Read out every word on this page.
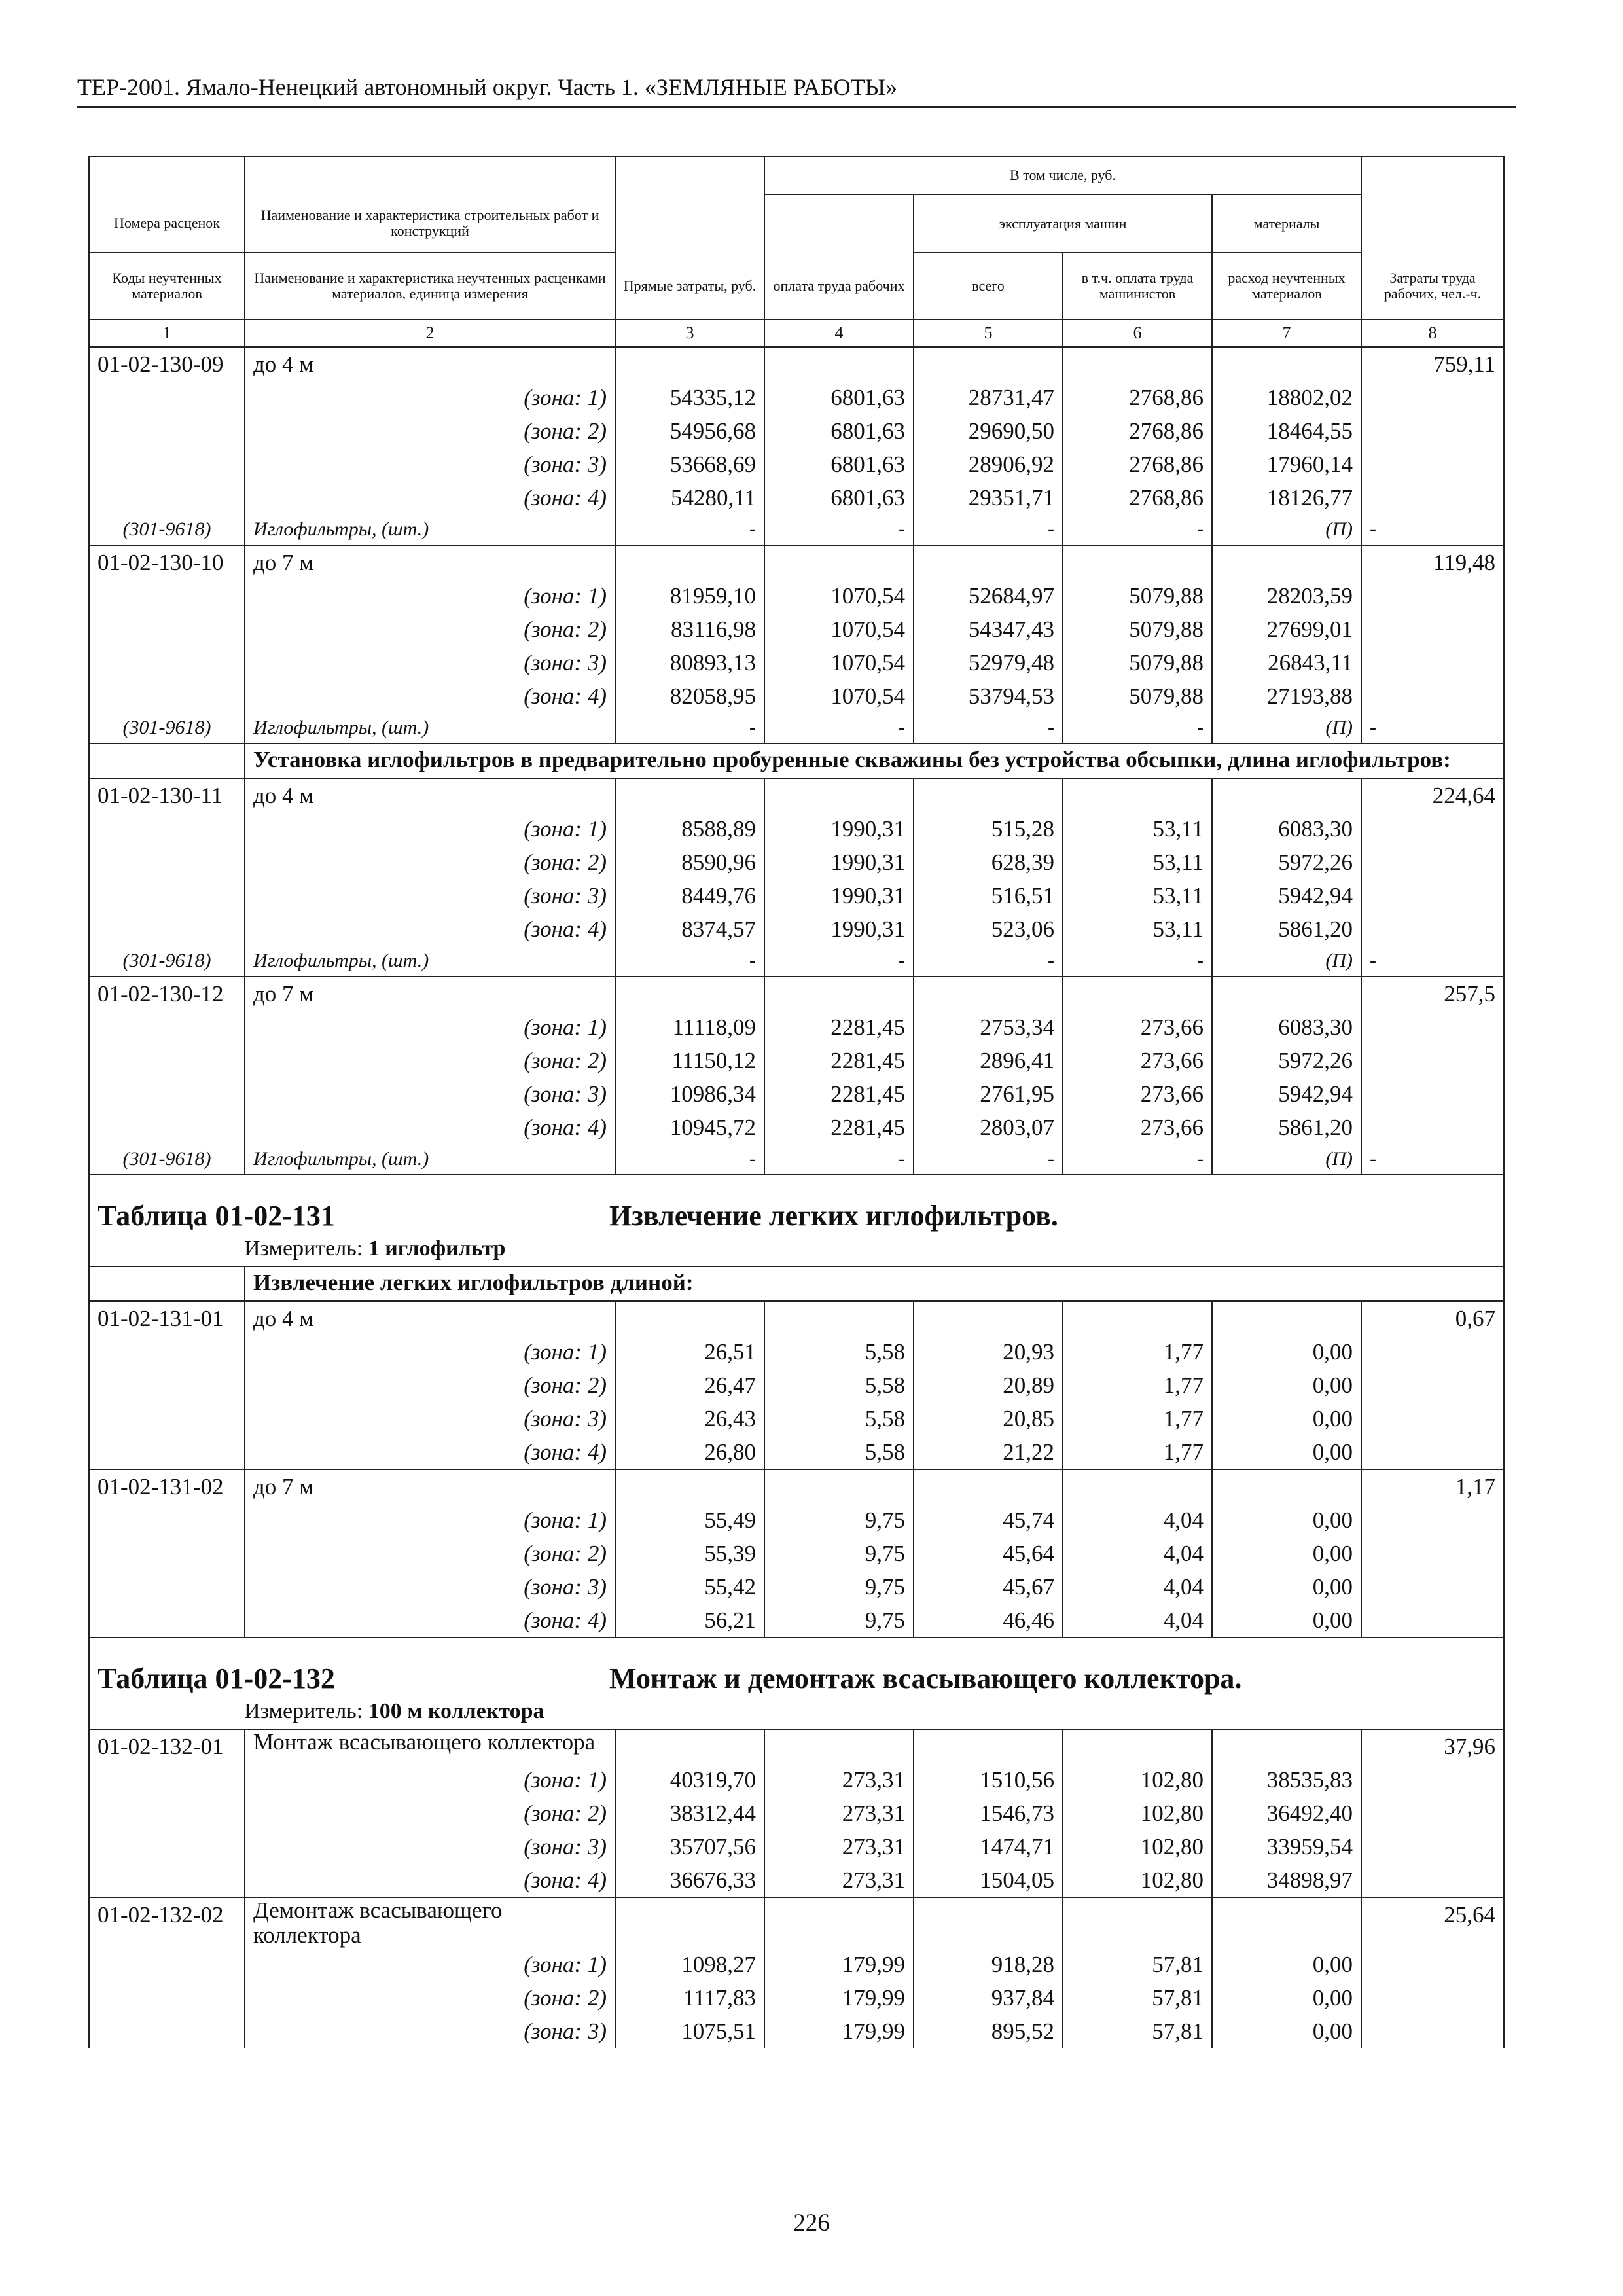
ТЕР-2001. Ямало-Ненецкий автономный округ. Часть 1. «ЗЕМЛЯНЫЕ РАБОТЫ»
			В том числе, руб.				
Номера расценок	Наименование и характеристика строительных работ и конструкций			эксплуатация машин		материалы	
Коды неучтенных материалов	Наименование и характеристика неучтенных расценками материалов, единица измерения	Прямые затраты, руб.	оплата труда рабочих	всего	в т.ч. оплата труда машинистов	расход неучтенных материалов	Затраты труда рабочих, чел.-ч.
1	2	3	4	5	6	7	8
01-02-130-09	до 4 м						759,11
	(зона: 1)	54335,12	6801,63	28731,47	2768,86	18802,02	
	(зона: 2)	54956,68	6801,63	29690,50	2768,86	18464,55	
	(зона: 3)	53668,69	6801,63	28906,92	2768,86	17960,14	
	(зона: 4)	54280,11	6801,63	29351,71	2768,86	18126,77	
(301-9618)	Иглофильтры, (шт.)	-	-	-	-	(П)	-
01-02-130-10	до 7 м						119,48
	(зона: 1)	81959,10	1070,54	52684,97	5079,88	28203,59	
	(зона: 2)	83116,98	1070,54	54347,43	5079,88	27699,01	
	(зона: 3)	80893,13	1070,54	52979,48	5079,88	26843,11	
	(зона: 4)	82058,95	1070,54	53794,53	5079,88	27193,88	
(301-9618)	Иглофильтры, (шт.)	-	-	-	-	(П)	-
	Установка иглофильтров в предварительно пробуренные скважины без устройства обсыпки, длина иглофильтров:						
01-02-130-11	до 4 м						224,64
	(зона: 1)	8588,89	1990,31	515,28	53,11	6083,30	
	(зона: 2)	8590,96	1990,31	628,39	53,11	5972,26	
	(зона: 3)	8449,76	1990,31	516,51	53,11	5942,94	
	(зона: 4)	8374,57	1990,31	523,06	53,11	5861,20	
(301-9618)	Иглофильтры, (шт.)	-	-	-	-	(П)	-
01-02-130-12	до 7 м						257,5
	(зона: 1)	11118,09	2281,45	2753,34	273,66	6083,30	
	(зона: 2)	11150,12	2281,45	2896,41	273,66	5972,26	
	(зона: 3)	10986,34	2281,45	2761,95	273,66	5942,94	
	(зона: 4)	10945,72	2281,45	2803,07	273,66	5861,20	
(301-9618)	Иглофильтры, (шт.)	-	-	-	-	(П)	-
Таблица 01-02-131 Извлечение легких иглофильтров.
Измеритель: 1 иглофильтр							

	Извлечение легких иглофильтров длиной:						
01-02-131-01	до 4 м						0,67
	(зона: 1)	26,51	5,58	20,93	1,77	0,00	
	(зона: 2)	26,47	5,58	20,89	1,77	0,00	
	(зона: 3)	26,43	5,58	20,85	1,77	0,00	
	(зона: 4)	26,80	5,58	21,22	1,77	0,00	
01-02-131-02	до 7 м						1,17
	(зона: 1)	55,49	9,75	45,74	4,04	0,00	
	(зона: 2)	55,39	9,75	45,64	4,04	0,00	
	(зона: 3)	55,42	9,75	45,67	4,04	0,00	
	(зона: 4)	56,21	9,75	46,46	4,04	0,00	
Таблица 01-02-132 Монтаж и демонтаж всасывающего коллектора.
Измеритель: 100 м коллектора							

01-02-132-01	Монтаж всасывающего коллектора						37,96
	(зона: 1)	40319,70	273,31	1510,56	102,80	38535,83	
	(зона: 2)	38312,44	273,31	1546,73	102,80	36492,40	
	(зона: 3)	35707,56	273,31	1474,71	102,80	33959,54	
	(зона: 4)	36676,33	273,31	1504,05	102,80	34898,97	
01-02-132-02	Демонтаж всасывающего коллектора						25,64
	(зона: 1)	1098,27	179,99	918,28	57,81	0,00	
	(зона: 2)	1117,83	179,99	937,84	57,81	0,00	
	(зона: 3)	1075,51	179,99	895,52	57,81	0,00	
226
